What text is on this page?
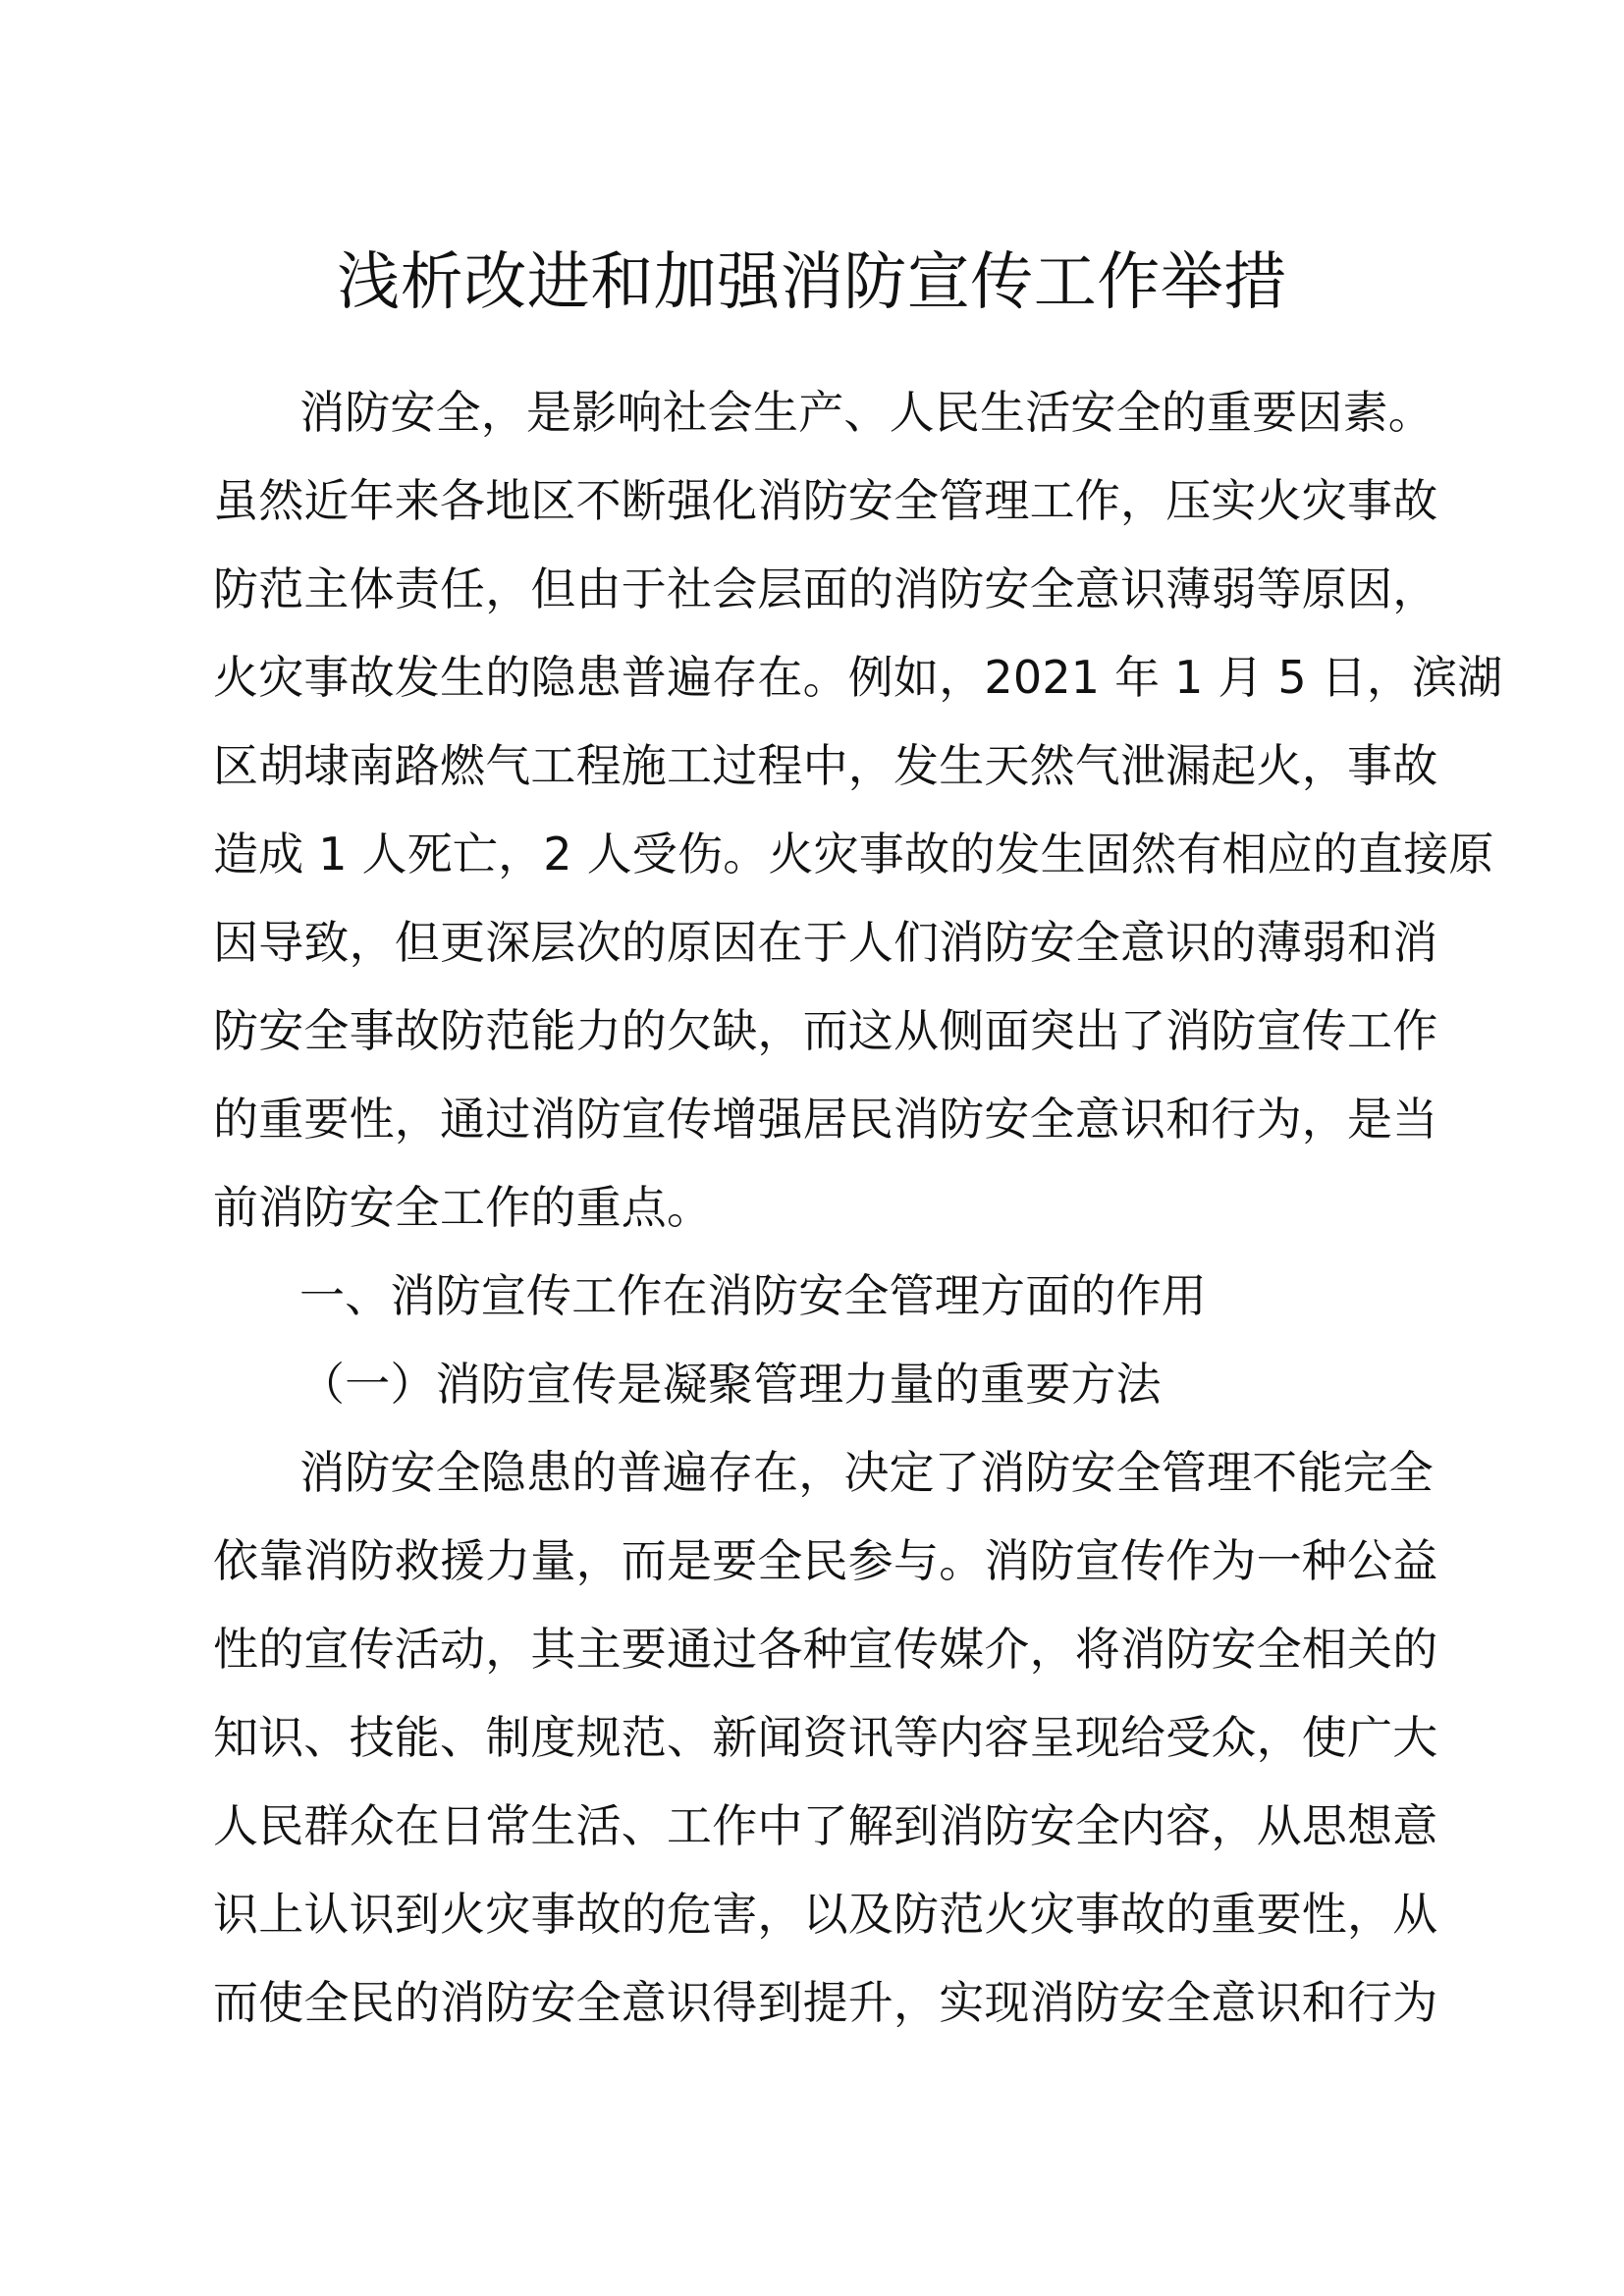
浅析改进和加强消防宣传工作举措
消防安全，是影响社会生产、人民生活安全的重要因素。
虽然近年来各地区不断强化消防安全管理工作，压实火灾事故
防范主体责任，但由于社会层面的消防安全意识薄弱等原因，
火灾事故发生的隐患普遍存在。例如，2021 年 1 月 5 日，滨湖
区胡埭南路燃气工程施工过程中，发生天然气泄漏起火，事故
造成 1 人死亡，2 人受伤。火灾事故的发生固然有相应的直接原
因导致，但更深层次的原因在于人们消防安全意识的薄弱和消
防安全事故防范能力的欠缺，而这从侧面突出了消防宣传工作
的重要性，通过消防宣传增强居民消防安全意识和行为，是当
前消防安全工作的重点。
一、消防宣传工作在消防安全管理方面的作用
（一）消防宣传是凝聚管理力量的重要方法
消防安全隐患的普遍存在，决定了消防安全管理不能完全
依靠消防救援力量，而是要全民参与。消防宣传作为一种公益
性的宣传活动，其主要通过各种宣传媒介，将消防安全相关的
知识、技能、制度规范、新闻资讯等内容呈现给受众，使广大
人民群众在日常生活、工作中了解到消防安全内容，从思想意
识上认识到火灾事故的危害，以及防范火灾事故的重要性，从
而使全民的消防安全意识得到提升，实现消防安全意识和行为
